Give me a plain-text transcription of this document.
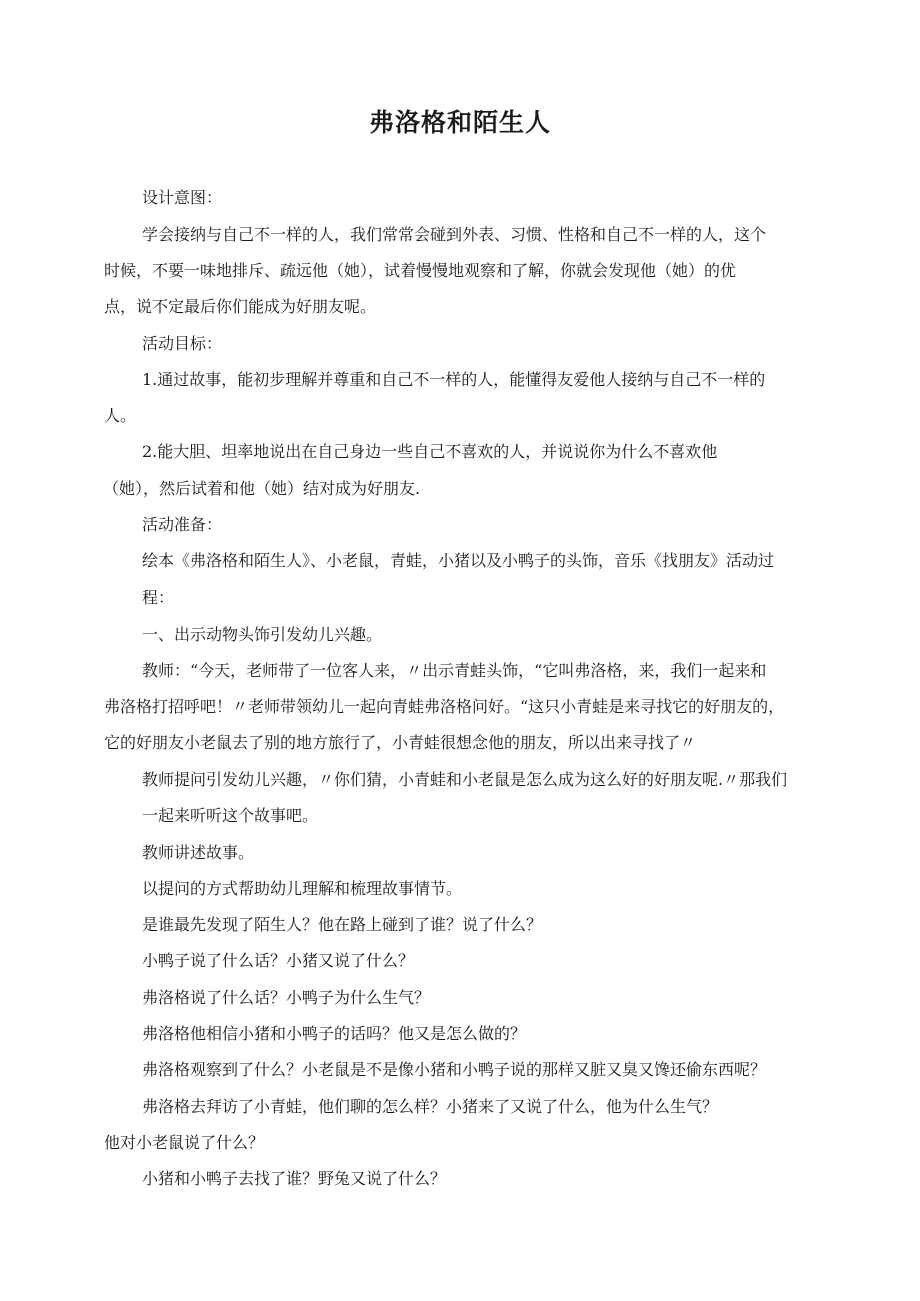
弗洛格和陌生人
设计意图：
学会接纳与自己不一样的人，我们常常会碰到外表、习惯、性格和自己不一样的人，这个
时候，不要一味地排斥、疏远他（她），试着慢慢地观察和了解，你就会发现他（她）的优
点，说不定最后你们能成为好朋友呢。
活动目标：
1.通过故事，能初步理解并尊重和自己不一样的人，能懂得友爱他人接纳与自己不一样的
人。
2.能大胆、坦率地说出在自己身边一些自己不喜欢的人，并说说你为什么不喜欢他
（她），然后试着和他（她）结对成为好朋友.
活动准备：
绘本《弗洛格和陌生人》、小老鼠，青蛙，小猪以及小鸭子的头饰，音乐《找朋友》活动过
程：
一、出示动物头饰引发幼儿兴趣。
教师：“今天，老师带了一位客人来，〃出示青蛙头饰，“它叫弗洛格，来，我们一起来和
弗洛格打招呼吧！〃老师带领幼儿一起向青蛙弗洛格问好。“这只小青蛙是来寻找它的好朋友的，
它的好朋友小老鼠去了别的地方旅行了，小青蛙很想念他的朋友，所以出来寻找了〃
教师提问引发幼儿兴趣，〃你们猜，小青蛙和小老鼠是怎么成为这么好的好朋友呢.〃那我们
一起来听听这个故事吧。
教师讲述故事。
以提问的方式帮助幼儿理解和梳理故事情节。
是谁最先发现了陌生人？他在路上碰到了谁？说了什么？
小鸭子说了什么话？小猪又说了什么？
弗洛格说了什么话？小鸭子为什么生气？
弗洛格他相信小猪和小鸭子的话吗？他又是怎么做的？
弗洛格观察到了什么？小老鼠是不是像小猪和小鸭子说的那样又脏又臭又馋还偷东西呢？
弗洛格去拜访了小青蛙，他们聊的怎么样？小猪来了又说了什么，他为什么生气？
他对小老鼠说了什么？
小猪和小鸭子去找了谁？野兔又说了什么？
